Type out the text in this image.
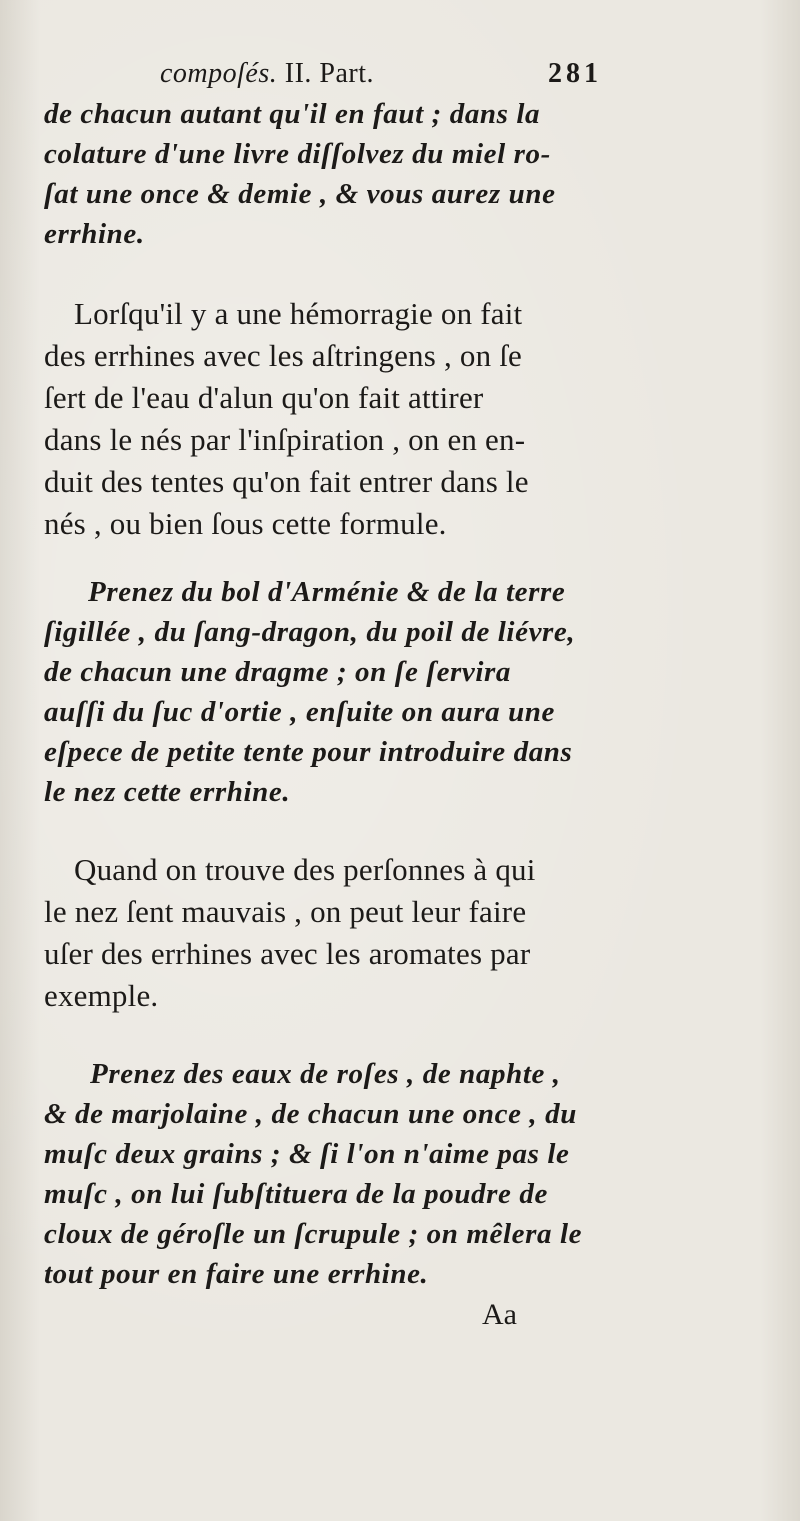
compoſés. II. Part.	281
de chacun autant qu'il en faut ; dans la
colature d'une livre diſſolvez du miel ro-
ſat une once & demie , & vous aurez une
errhine.
Lorſqu'il y a une hémorragie on fait
des errhines avec les aſtringens , on ſe
ſert de l'eau d'alun qu'on fait attirer
dans le nés par l'inſpiration , on en en-
duit des tentes qu'on fait entrer dans le
nés , ou bien ſous cette formule.
Prenez du bol d'Arménie & de la terre
ſigillée , du ſang-dragon, du poil de liévre,
de chacun une dragme ; on ſe ſervira
auſſi du ſuc d'ortie , enſuite on aura une
eſpece de petite tente pour introduire dans
le nez cette errhine.
Quand on trouve des perſonnes à qui
le nez ſent mauvais , on peut leur faire
uſer des errhines avec les aromates par
exemple.
Prenez des eaux de roſes , de naphte ,
& de marjolaine , de chacun une once , du
muſc deux grains ; & ſi l'on n'aime pas le
muſc , on lui ſubſtituera de la poudre de
cloux de géroſle un ſcrupule ; on mêlera le
tout pour en faire une errhine.
Aa
